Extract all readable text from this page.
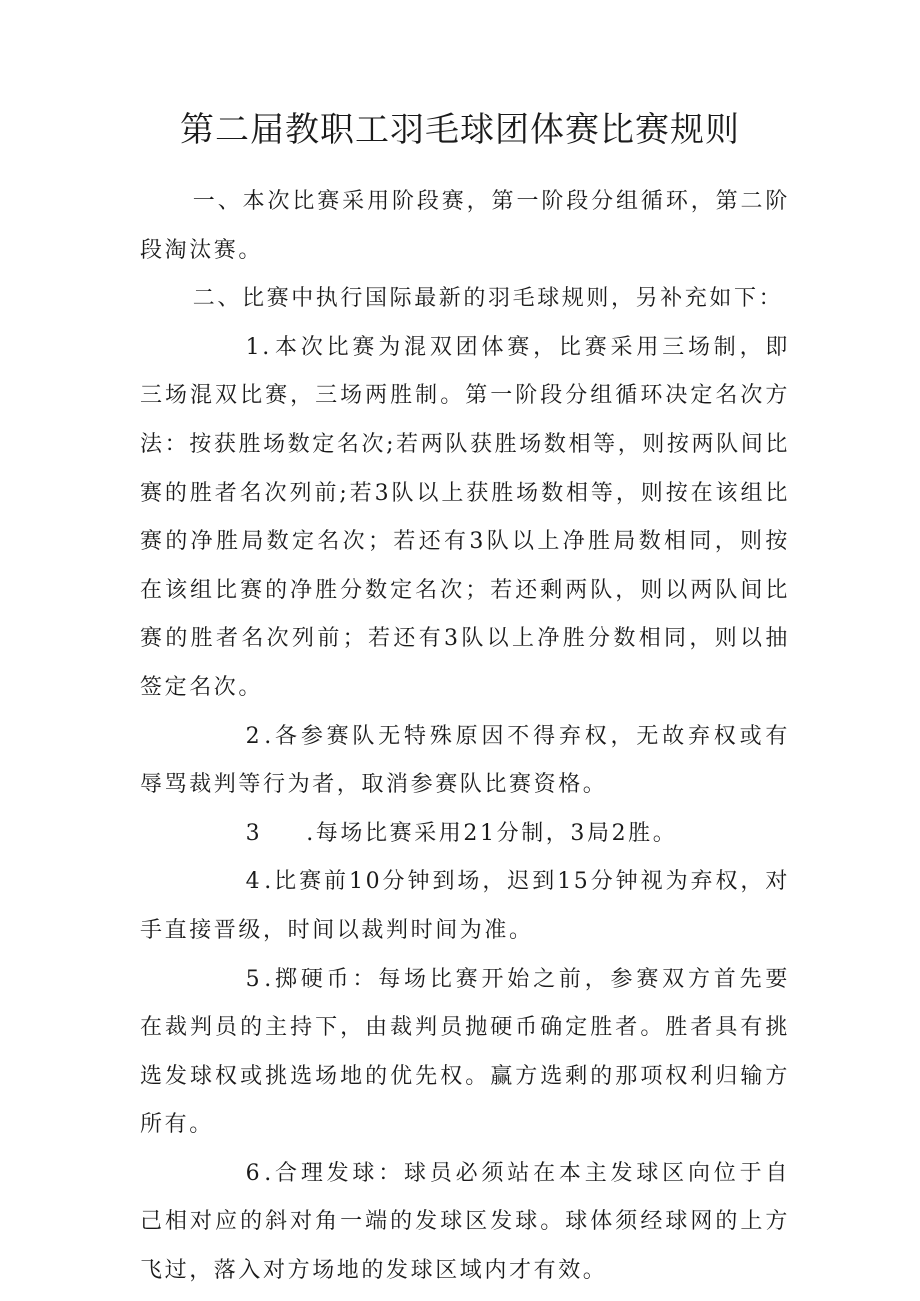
第二届教职工羽毛球团体赛比赛规则

一、本次比赛采用阶段赛，第一阶段分组循环，第二阶段淘汰赛。

二、比赛中执行国际最新的羽毛球规则，另补充如下：

1.本次比赛为混双团体赛，比赛采用三场制，即三场混双比赛，三场两胜制。第一阶段分组循环决定名次方法：按获胜场数定名次;若两队获胜场数相等，则按两队间比赛的胜者名次列前;若3队以上获胜场数相等，则按在该组比赛的净胜局数定名次；若还有3队以上净胜局数相同，则按在该组比赛的净胜分数定名次；若还剩两队，则以两队间比赛的胜者名次列前；若还有3队以上净胜分数相同，则以抽签定名次。

2.各参赛队无特殊原因不得弃权，无故弃权或有辱骂裁判等行为者，取消参赛队比赛资格。

3 .每场比赛采用21分制，3局2胜。

4.比赛前10分钟到场，迟到15分钟视为弃权，对手直接晋级，时间以裁判时间为准。

5.掷硬币：每场比赛开始之前，参赛双方首先要在裁判员的主持下，由裁判员抛硬币确定胜者。胜者具有挑选发球权或挑选场地的优先权。赢方选剩的那项权利归输方所有。

6.合理发球：球员必须站在本主发球区向位于自己相对应的斜对角一端的发球区发球。球体须经球网的上方飞过，落入对方场地的发球区域内才有效。
